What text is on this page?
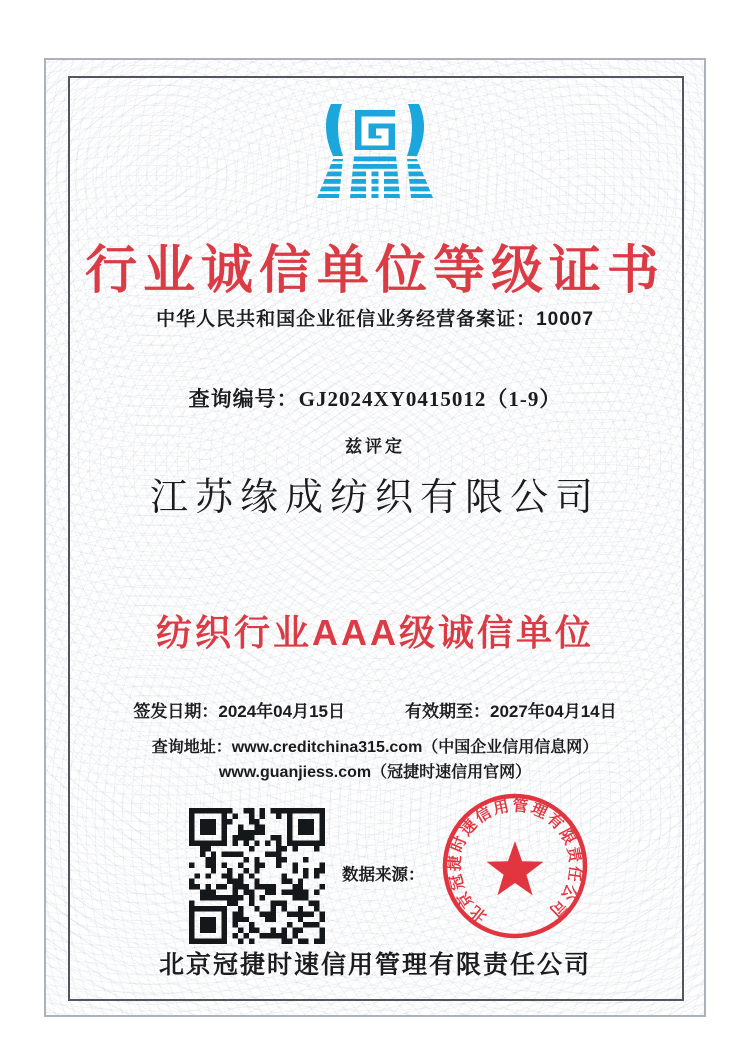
行业诚信单位等级证书
中华人民共和国企业征信业务经营备案证：10007
查询编号：GJ2024XY0415012（1-9）
兹评定
江苏缘成纺织有限公司
纺织行业AAA级诚信单位
签发日期：2024年04月15日	有效期至：2027年04月14日
查询地址：www.creditchina315.com（中国企业信用信息网）
www.guanjiess.com（冠捷时速信用官网）
数据来源：
北京冠捷时速信用管理有限责任公司
北京冠捷时速信用管理有限责任公司
